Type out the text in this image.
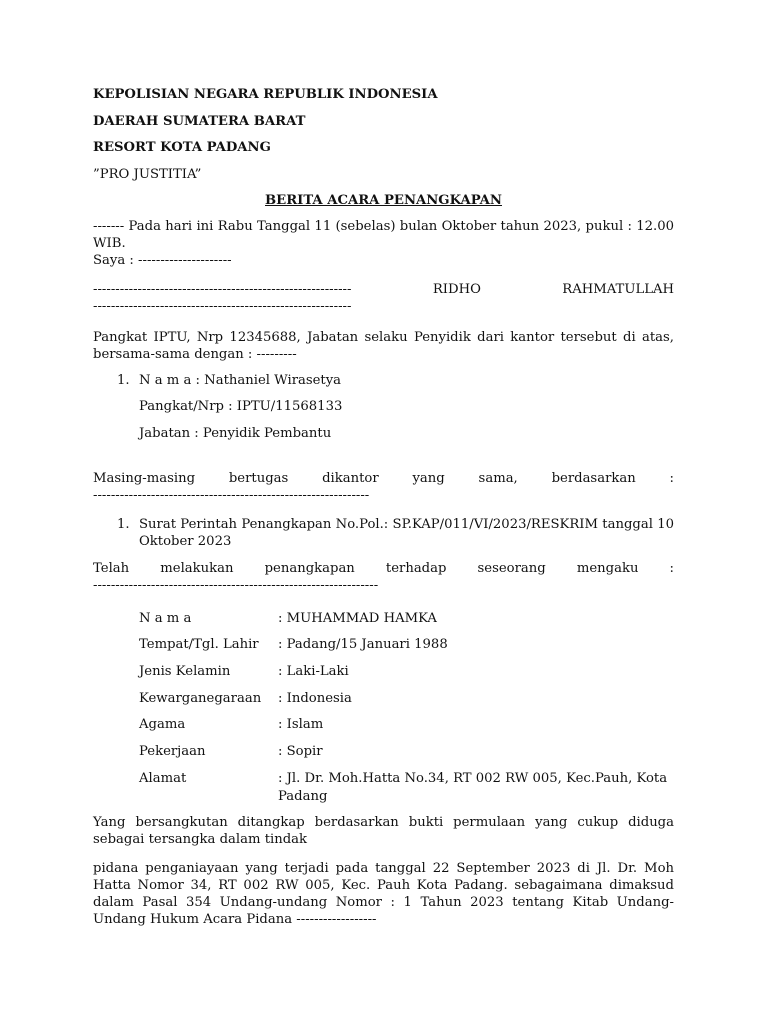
KEPOLISIAN NEGARA REPUBLIK INDONESIA
DAERAH SUMATERA BARAT
RESORT KOTA PADANG
”PRO JUSTITIA”
BERITA ACARA PENANGKAPAN
------- Pada hari ini Rabu Tanggal 11 (sebelas) bulan Oktober tahun 2023, pukul : 12.00 WIB.
Saya : ---------------------
---------------------------------------------------------- RIDHO RAHMATULLAH
----------------------------------------------------------
Pangkat IPTU, Nrp 12345688, Jabatan selaku Penyidik dari kantor tersebut di atas, bersama-sama dengan : ---------
1. N a m a : Nathaniel Wirasetya
Pangkat/Nrp : IPTU/11568133
Jabatan : Penyidik Pembantu
Masing-masing bertugas dikantor yang sama, berdasarkan :
--------------------------------------------------------------
1. Surat Perintah Penangkapan No.Pol.: SP.KAP/011/VI/2023/RESKRIM tanggal 10 Oktober 2023
Telah melakukan penangkapan terhadap seseorang mengaku :
----------------------------------------------------------------
N a m a	: MUHAMMAD HAMKA
Tempat/Tgl. Lahir	: Padang/15 Januari 1988
Jenis Kelamin	: Laki-Laki
Kewarganegaraan	: Indonesia
Agama	: Islam
Pekerjaan	: Sopir
Alamat	: Jl. Dr. Moh.Hatta No.34, RT 002 RW 005, Kec.Pauh, Kota Padang
Yang bersangkutan ditangkap berdasarkan bukti permulaan yang cukup diduga sebagai tersangka dalam tindak
pidana penganiayaan yang terjadi pada tanggal 22 September 2023 di Jl. Dr. Moh Hatta Nomor 34, RT 002 RW 005, Kec. Pauh Kota Padang. sebagaimana dimaksud dalam Pasal 354 Undang-undang Nomor : 1 Tahun 2023 tentang Kitab Undang-Undang Hukum Acara Pidana ------------------
